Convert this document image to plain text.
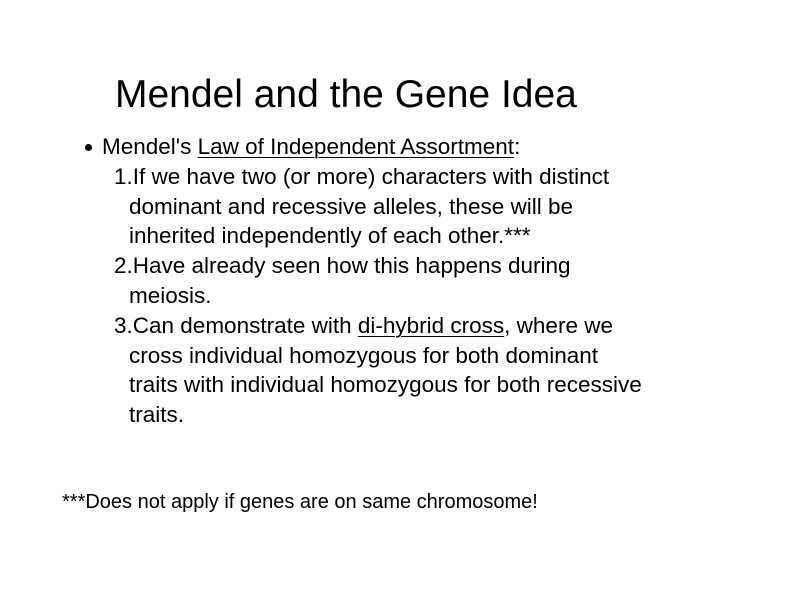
Mendel and the Gene Idea
Mendel's Law of Independent Assortment:
1.If we have two (or more) characters with distinct
dominant and recessive alleles, these will be
inherited independently of each other.***
2.Have already seen how this happens during
meiosis.
3.Can demonstrate with di-hybrid cross, where we
cross individual homozygous for both dominant
traits with individual homozygous for both recessive
traits.
***Does not apply if genes are on same chromosome!
